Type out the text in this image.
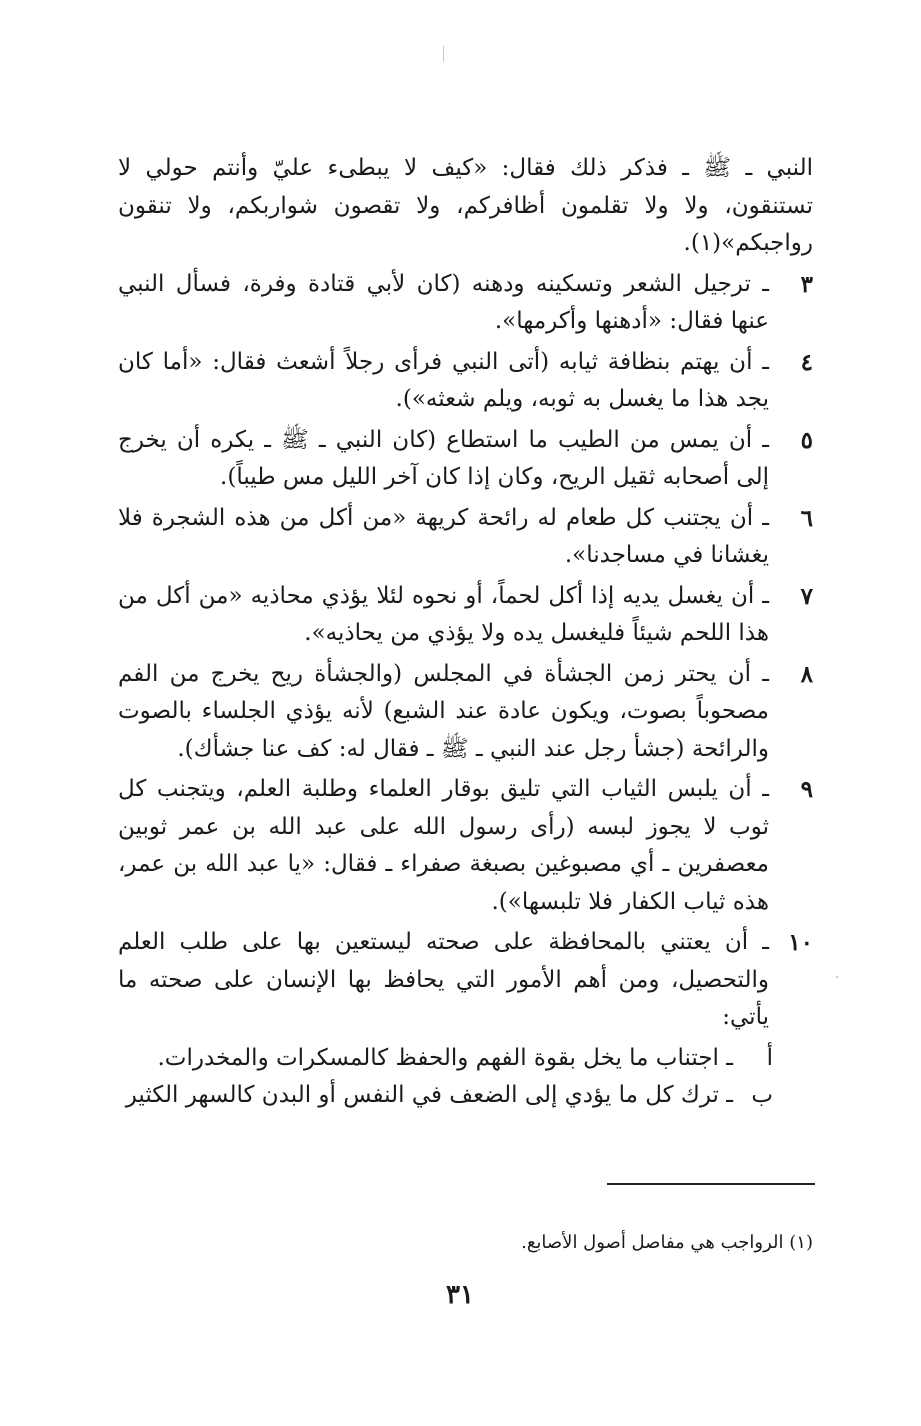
النبي ـ ﷺ ـ فذكر ذلك فقال: «كيف لا يبطىء عليّ وأنتم حولي لا تستنقون، ولا ولا تقلمون أظافركم، ولا تقصون شواربكم، ولا تنقون رواجبكم»(١).

٣
ـ ترجيل الشعر وتسكينه ودهنه (كان لأبي قتادة وفرة، فسأل النبي عنها فقال: «أدهنها وأكرمها».
٤
ـ أن يهتم بنظافة ثيابه (أتى النبي فرأى رجلاً أشعث فقال: «أما كان يجد هذا ما يغسل به ثوبه، ويلم شعثه»).
٥
ـ أن يمس من الطيب ما استطاع (كان النبي ـ ﷺ ـ يكره أن يخرج إلى أصحابه ثقيل الريح، وكان إذا كان آخر الليل مس طيباً).
٦
ـ أن يجتنب كل طعام له رائحة كريهة «من أكل من هذه الشجرة فلا يغشانا في مساجدنا».
٧
ـ أن يغسل يديه إذا أكل لحماً، أو نحوه لئلا يؤذي محاذيه «من أكل من هذا اللحم شيئاً فليغسل يده ولا يؤذي من يحاذيه».
٨
ـ أن يحتر زمن الجشأة في المجلس (والجشأة ريح يخرج من الفم مصحوباً بصوت، ويكون عادة عند الشبع) لأنه يؤذي الجلساء بالصوت والرائحة (جشأ رجل عند النبي ـ ﷺ ـ فقال له: كف عنا جشأك).
٩
ـ أن يلبس الثياب التي تليق بوقار العلماء وطلبة العلم، ويتجنب كل ثوب لا يجوز لبسه (رأى رسول الله على عبد الله بن عمر ثوبين معصفرين ـ أي مصبوغين بصبغة صفراء ـ فقال: «يا عبد الله بن عمر، هذه ثياب الكفار فلا تلبسها»).
١٠
ـ أن يعتني بالمحافظة على صحته ليستعين بها على طلب العلم والتحصيل، ومن أهم الأمور التي يحافظ بها الإنسان على صحته ما يأتي:
أ
ـ اجتناب ما يخل بقوة الفهم والحفظ كالمسكرات والمخدرات.
ب
ـ ترك كل ما يؤدي إلى الضعف في النفس أو البدن كالسهر الكثير
(١) الرواجب هي مفاصل أصول الأصابع.
٣١
